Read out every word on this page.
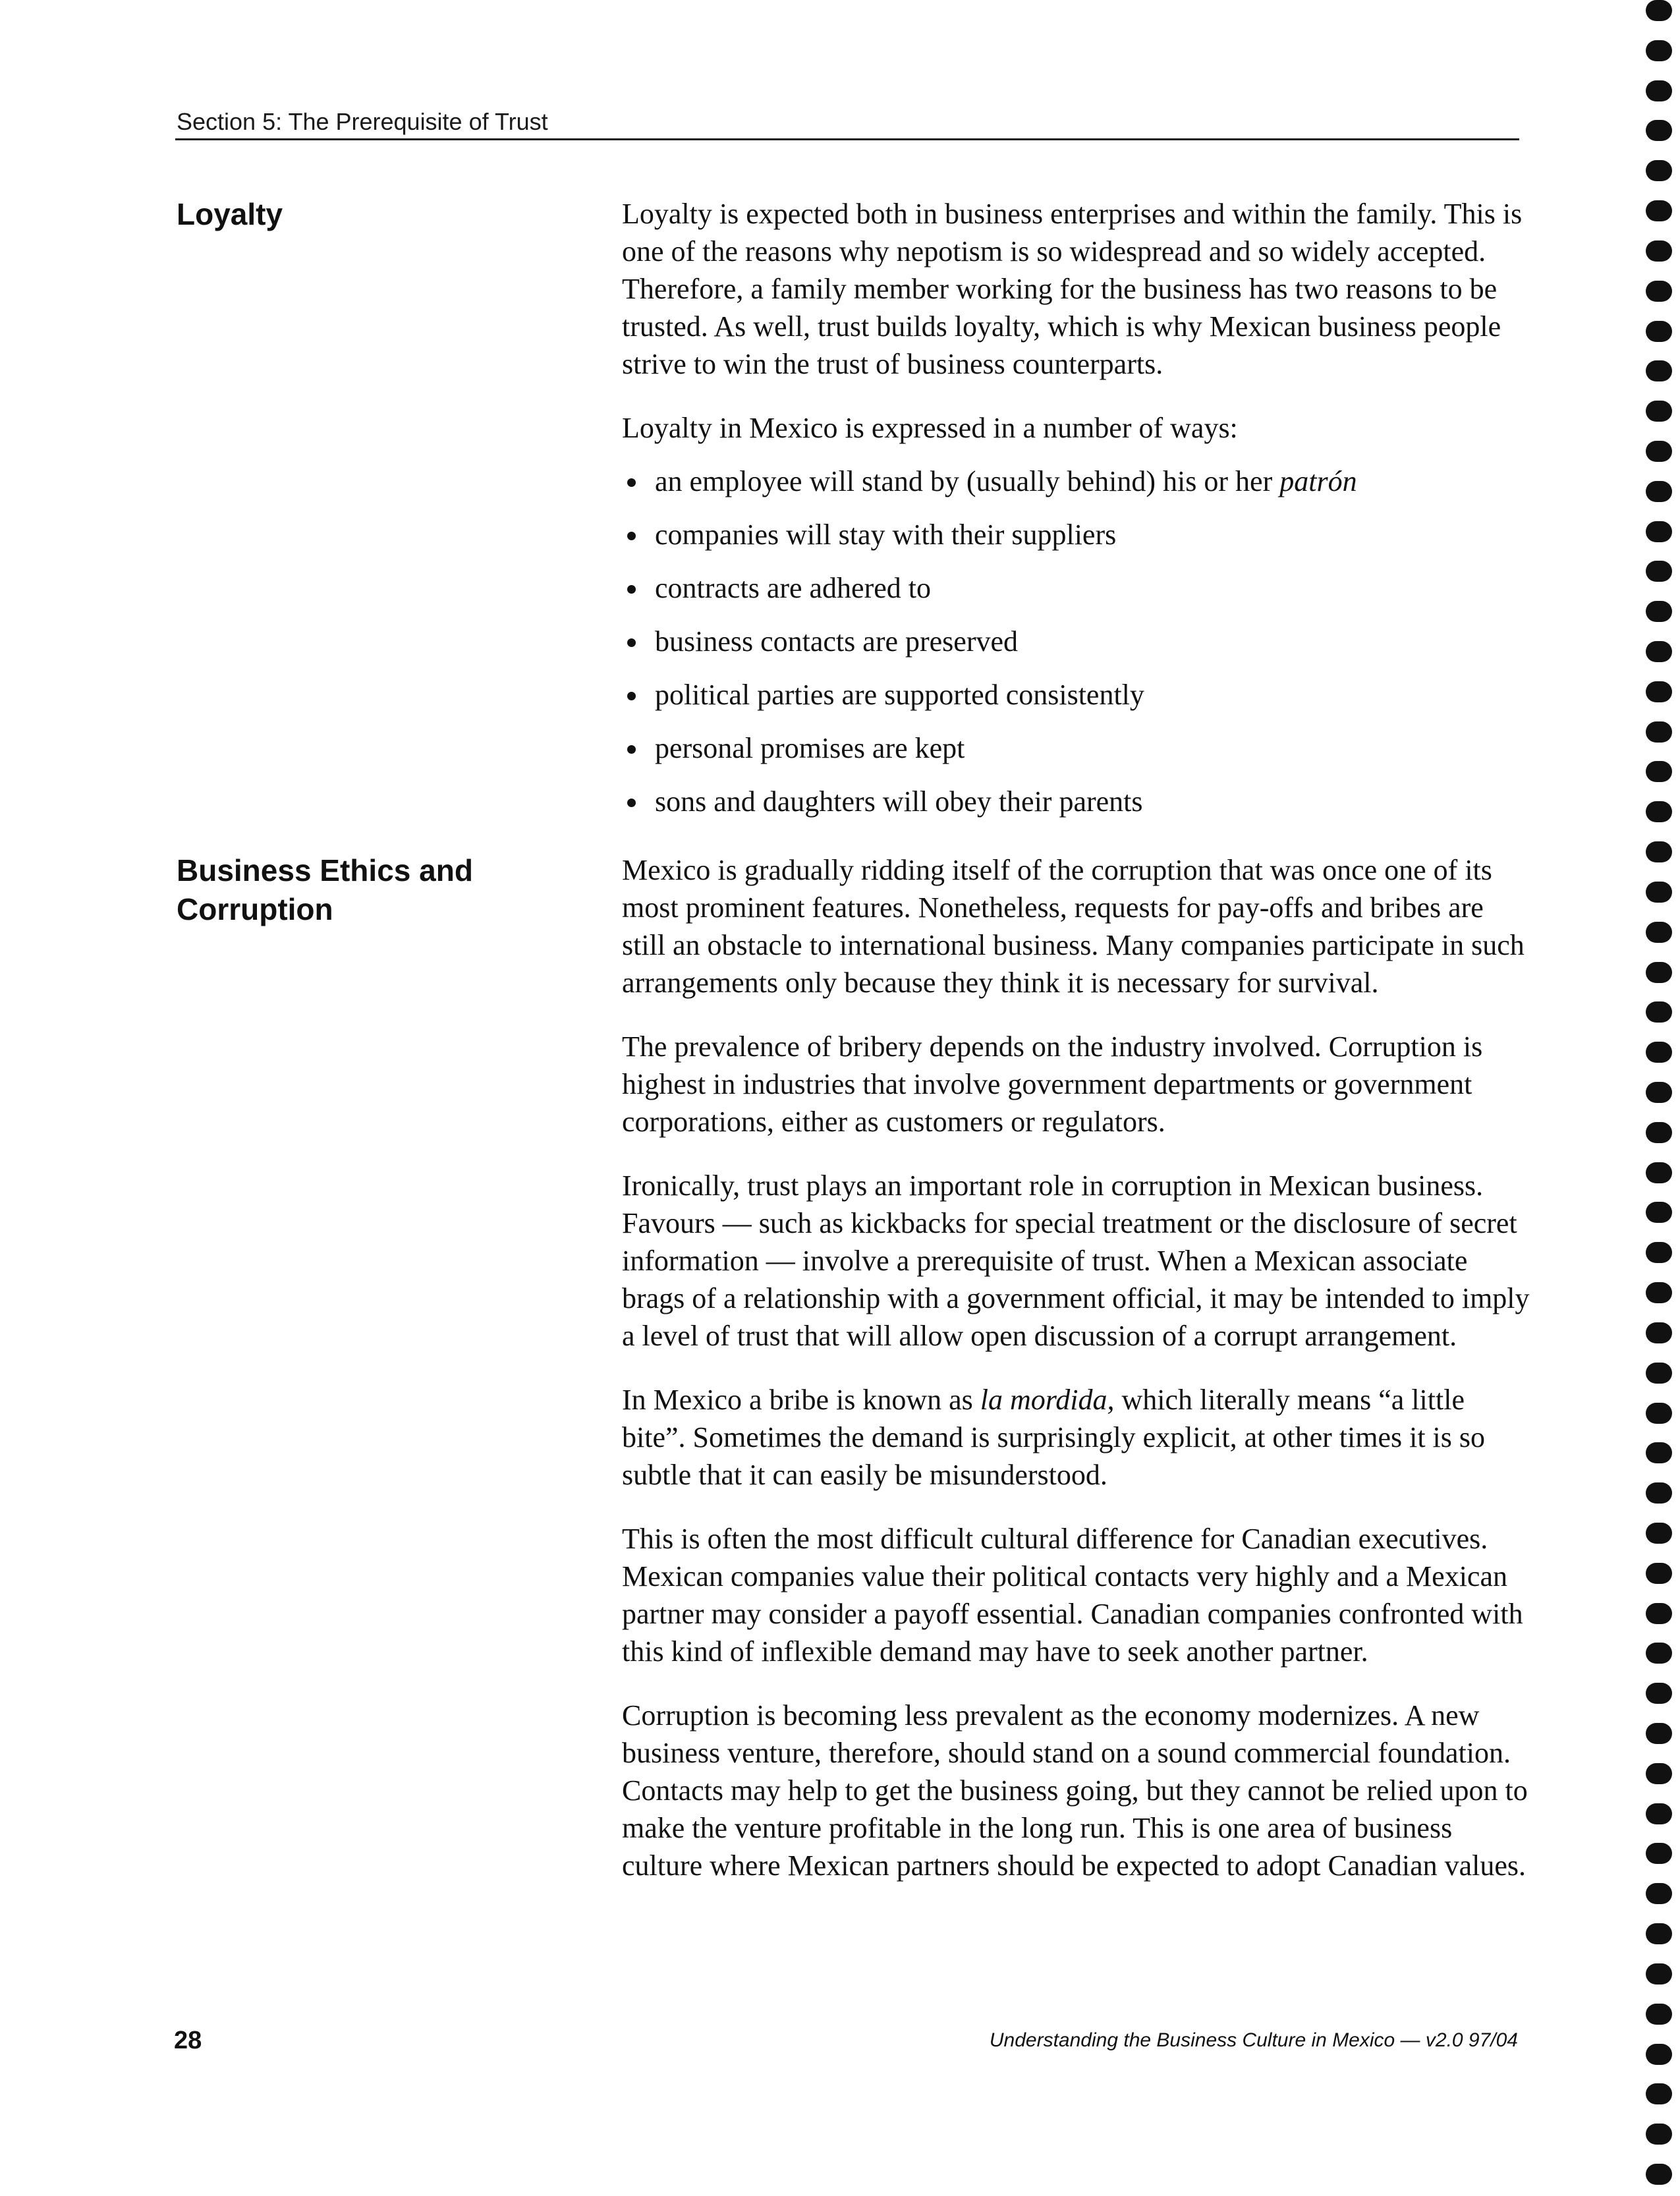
Section 5: The Prerequisite of Trust
Loyalty	Loyalty is expected both in business enterprises and within the family. This is one of the reasons why nepotism is so widespread and so widely accepted. Therefore, a family member working for the business has two reasons to be trusted. As well, trust builds loyalty, which is why Mexican business people strive to win the trust of business counterparts.

Loyalty in Mexico is expressed in a number of ways:

an employee will stand by (usually behind) his or her patrón
companies will stay with their suppliers
contracts are adhered to
business contacts are preserved
political parties are supported consistently
personal promises are kept
sons and daughters will obey their parents
Business Ethics and
Corruption

Mexico is gradually ridding itself of the corruption that was once one of its most prominent features. Nonetheless, requests for pay-offs and bribes are still an obstacle to international business. Many companies participate in such arrangements only because they think it is necessary for survival.

The prevalence of bribery depends on the industry involved. Corruption is highest in industries that involve government departments or government corporations, either as customers or regulators.

Ironically, trust plays an important role in corruption in Mexican business. Favours — such as kickbacks for special treatment or the disclosure of secret information — involve a prerequisite of trust. When a Mexican associate brags of a relationship with a government official, it may be intended to imply a level of trust that will allow open discussion of a corrupt arrangement.

In Mexico a bribe is known as la mordida, which literally means “a little bite”. Sometimes the demand is surprisingly explicit, at other times it is so subtle that it can easily be misunderstood.

This is often the most difficult cultural difference for Canadian executives. Mexican companies value their political contacts very highly and a Mexican partner may consider a payoff essential. Canadian companies confronted with this kind of inflexible demand may have to seek another partner.

Corruption is becoming less prevalent as the economy modernizes. A new business venture, therefore, should stand on a sound commercial foundation. Contacts may help to get the business going, but they cannot be relied upon to make the venture profitable in the long run. This is one area of business culture where Mexican partners should be expected to adopt Canadian values.

28	Understanding the Business Culture in Mexico — v2.0 97/04
